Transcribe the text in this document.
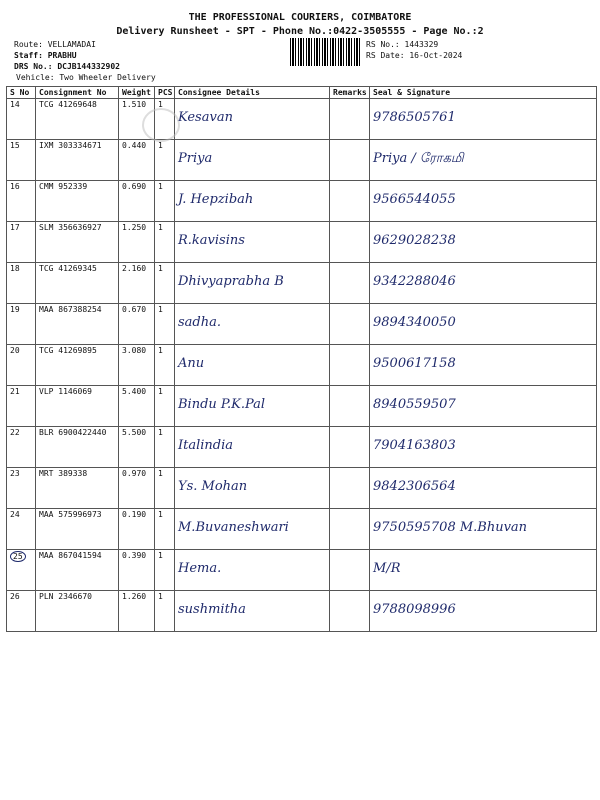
THE PROFESSIONAL COURIERS, COIMBATORE
Delivery Runsheet - SPT - Phone No.:0422-3505555 - Page No.:2
Route: VELLAMADAI
Staff: PRABHU
DRS No.: DCJB144332902
Vehicle: Two Wheeler Delivery
RS No.: 1443329
RS Date: 16-Oct-2024
S No	Consignment No	Weight	PCS	Consignee Details	Remarks	Seal & Signature
14	TCG 41269648	1.510	1	Kesavan		9786505761

15	IXM 303334671	0.440	1	Priya		Priya / ரோகமி

16	CMM 952339	0.690	1	J. Hepzibah		9566544055

17	SLM 356636927	1.250	1	R.kavisins		9629028238

18	TCG 41269345	2.160	1	Dhivyaprabha B		9342288046

19	MAA 867388254	0.670	1	sadha.		9894340050

20	TCG 41269895	3.080	1	Anu		9500617158

21	VLP 1146069	5.400	1	Bindu P.K.Pal		8940559507

22	BLR 6900422440	5.500	1	Italindia		7904163803

23	MRT 389338	0.970	1	Ys. Mohan		9842306564

24	MAA 575996973	0.190	1	M.Buvaneshwari		9750595708 M.Bhuvan

25	MAA 867041594	0.390	1	Hema.		M/R

26	PLN 2346670	1.260	1	sushmitha		9788098996
